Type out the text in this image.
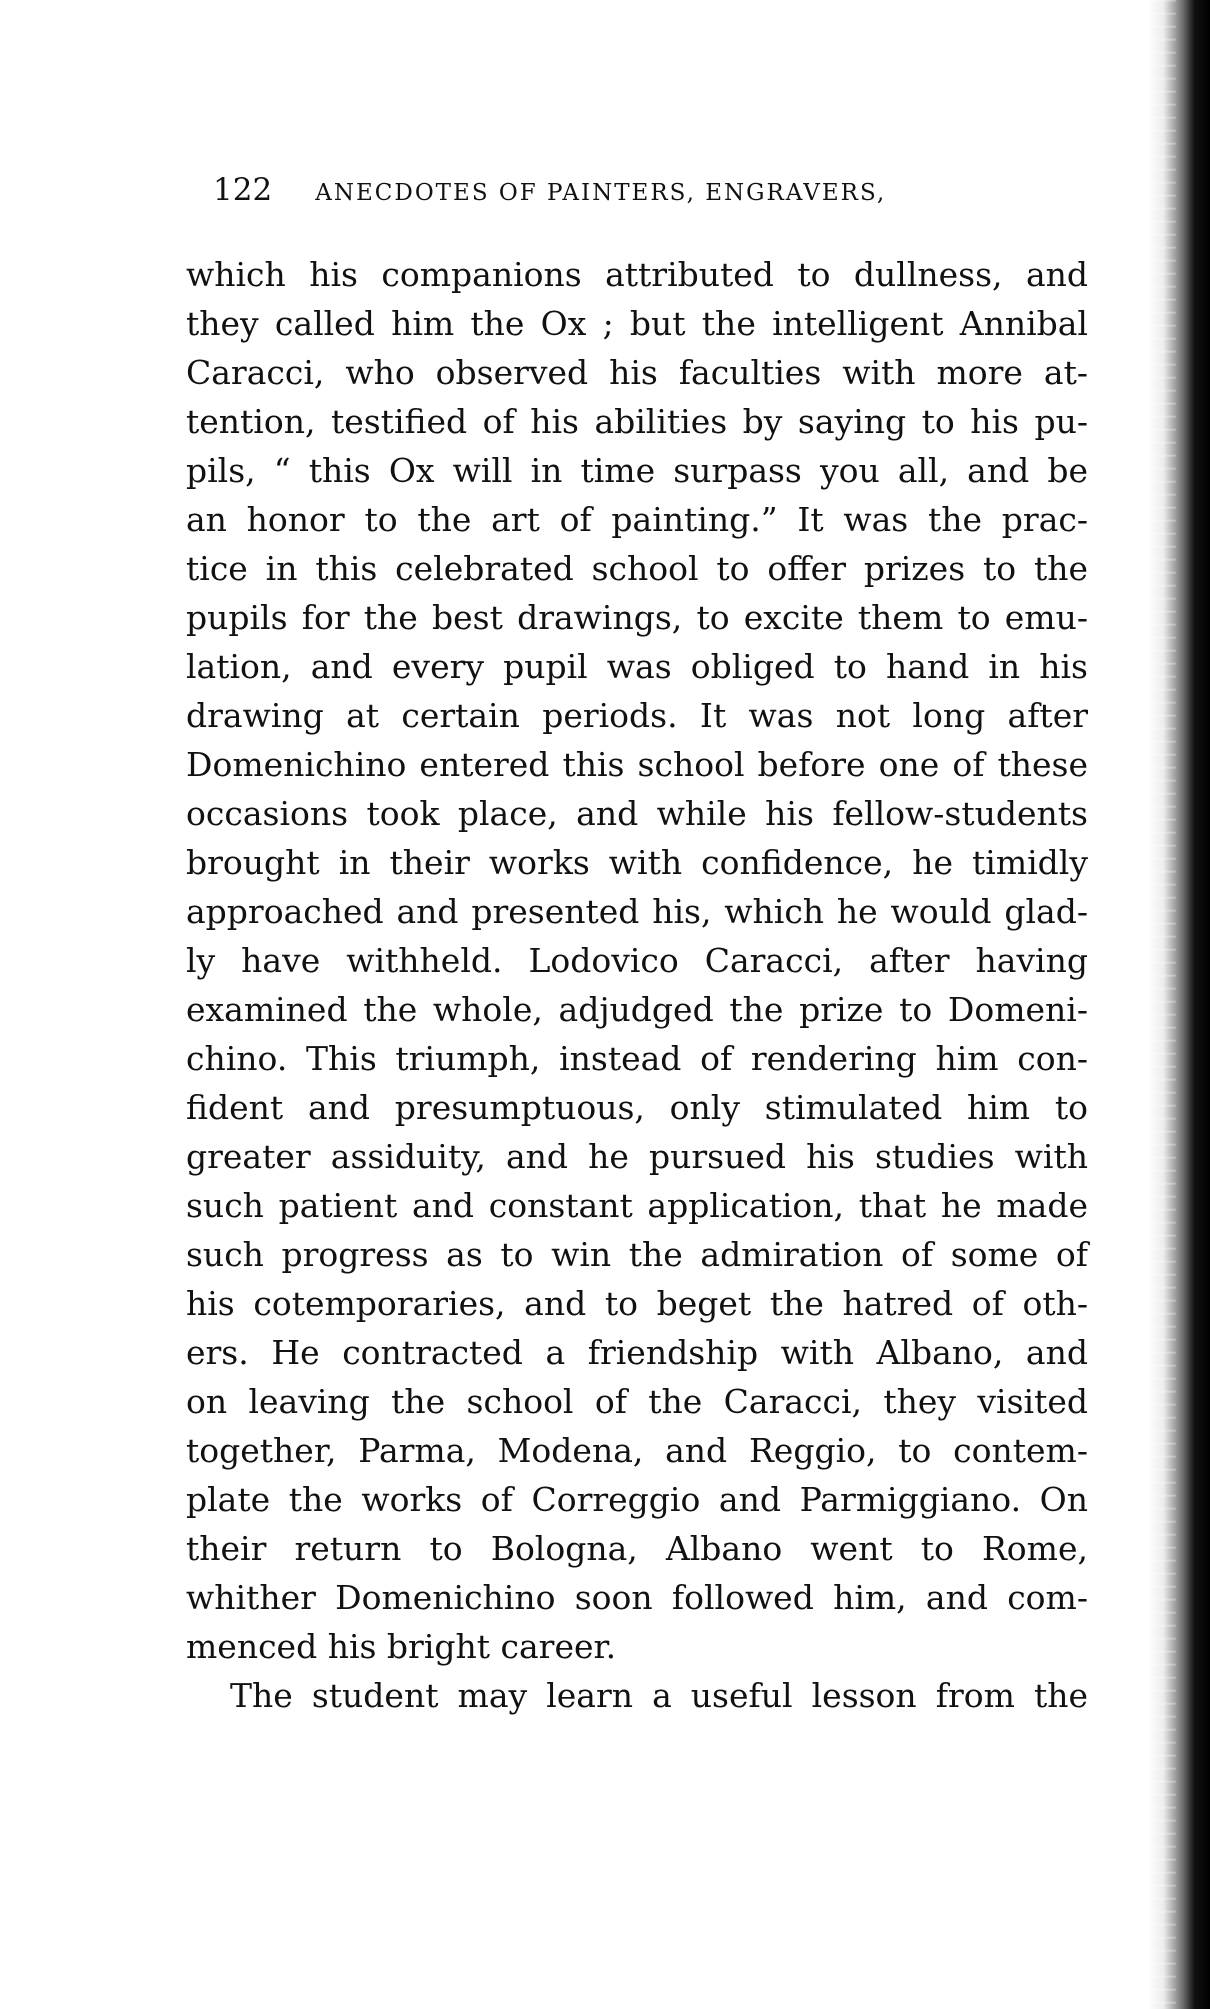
122 ANECDOTES OF PAINTERS, ENGRAVERS,
which his companions attributed to dullness, and
they called him the Ox ; but the intelligent Annibal
Caracci, who observed his faculties with more at-
tention, testified of his abilities by saying to his pu-
pils, “ this Ox will in time surpass you all, and be
an honor to the art of painting.” It was the prac-
tice in this celebrated school to offer prizes to the
pupils for the best drawings, to excite them to emu-
lation, and every pupil was obliged to hand in his
drawing at certain periods. It was not long after
Domenichino entered this school before one of these
occasions took place, and while his fellow-students
brought in their works with confidence, he timidly
approached and presented his, which he would glad-
ly have withheld. Lodovico Caracci, after having
examined the whole, adjudged the prize to Domeni-
chino. This triumph, instead of rendering him con-
fident and presumptuous, only stimulated him to
greater assiduity, and he pursued his studies with
such patient and constant application, that he made
such progress as to win the admiration of some of
his cotemporaries, and to beget the hatred of oth-
ers. He contracted a friendship with Albano, and
on leaving the school of the Caracci, they visited
together, Parma, Modena, and Reggio, to contem-
plate the works of Correggio and Parmiggiano. On
their return to Bologna, Albano went to Rome,
whither Domenichino soon followed him, and com-
menced his bright career.
The student may learn a useful lesson from the
